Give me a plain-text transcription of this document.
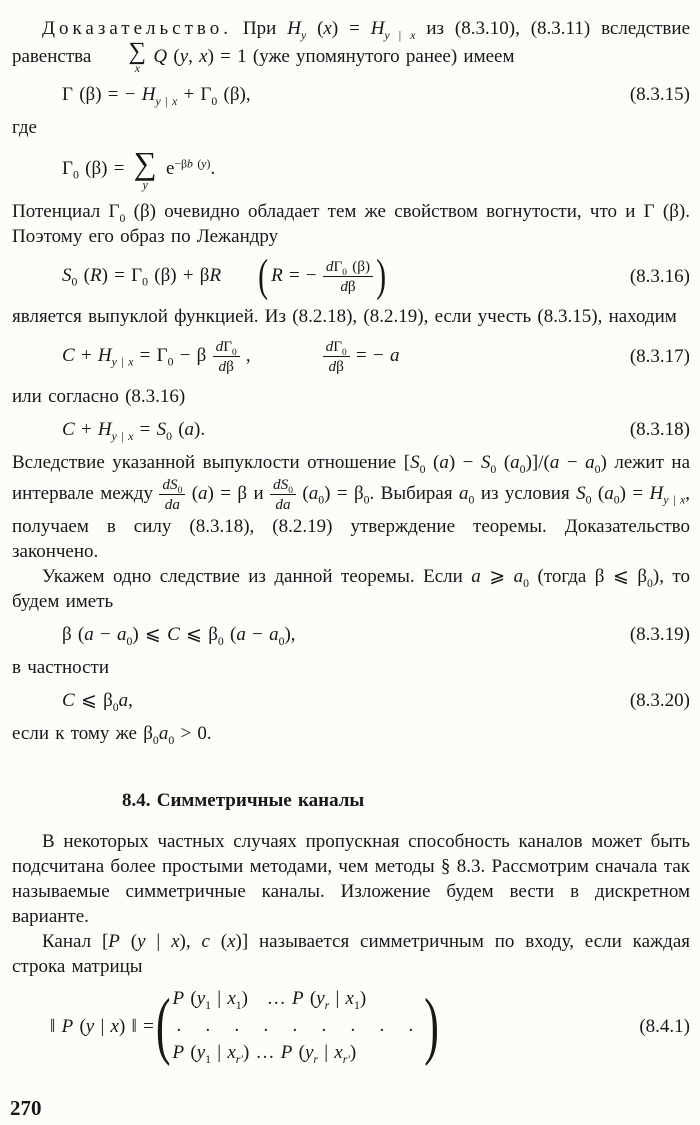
Доказательство. При $H_y$ $(x) = H_{y | x}$ из (8.3.10), (8.3.11) вследствие равенства	∑
x
Q (y, x) = 1 (уже упомянутого ранее) имеем

Γ (β) = − $H_{y | x} + \Gamma_0$ (β),	(8.3.15)

где

$\Gamma_0$ (β) = ∑
y
$e^{-\beta b (y)}$.

Потенциал $\Gamma_0$ (β) очевидно обладает тем же свойством вогнутости, что и Γ (β). Поэтому его образ по Лежандру

$S_0$ $(R) = \Gamma_0$ (β) + βR ( R = − $\frac{d\Gamma_0 (\beta)}{d\beta}$ )	(8.3.16)

является выпуклой функцией. Из (8.2.18), (8.2.19), если учесть (8.3.15), находим

$C + H_{y | x} = \Gamma_0 - \beta \frac{d\Gamma_0}{d\beta}$ ,	$\frac{d\Gamma_0}{d\beta}$ = − a	(8.3.17)

или согласно (8.3.16)

$C + H_{y | x} = S_0$ (a).	(8.3.18)

Вследствие указанной выпуклости отношение [$S_0$ $(a) - S_0$ $(a_0)]/(a - a_0)$ лежит на интервале между $\frac{dS_0}{da} (a) = \beta$ и $\frac{dS_0}{da} (a_0) = \beta_0$. Выбирая $a_0$ из условия $S_0$ $(a_0) = H_{y | x}$, получаем в силу (8.3.18), (8.2.19) утверждение теоремы. Доказательство закончено.

Укажем одно следствие из данной теоремы. Если a ⩾ $a_0$ (тогда β ⩽ $\beta_0$), то будем иметь

β $(a - a_0)$ ⩽ C ⩽ $\beta_0$ $(a - a_0)$,	(8.3.19)

в частности

C ⩽ $\beta_0a$,	(8.3.20)

если к тому же $\beta_0a_0 > 0$.

8.4. Симметричные каналы

В некоторых частных случаях пропускная способность каналов может быть подсчитана более простыми методами, чем методы § 8.3. Рассмотрим сначала так называемые симметричные каналы. Изложение будем вести в дискретном варианте.

Канал [P (y | x), c (x)] называется симметричным по входу, если каждая строка матрицы

‖ P (y | x) ‖ = ( P ($y_1$ | $x_1$)   … P ($y_r$ | $x_1$)
. . . . . . . . .
P ($y_1$ | $x_{r'}$) … P ($y_r$ | $x_{r'}$)	)	(8.4.1)
270
